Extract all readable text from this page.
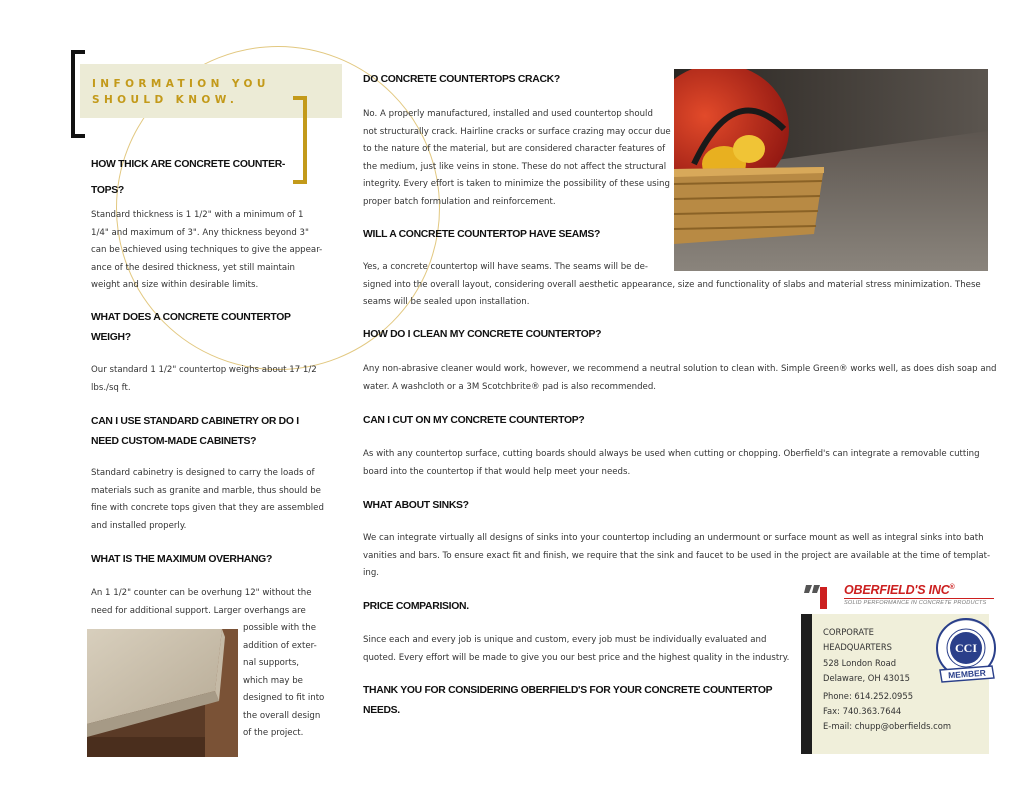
INFORMATION YOU
SHOULD KNOW.
HOW THICK ARE CONCRETE COUNTER-
TOPS?
Standard thickness is 1 1/2" with a minimum of 1
1/4" and maximum of 3". Any thickness beyond 3"
can be achieved using techniques to give the appear-
ance of the desired thickness, yet still maintain
weight and size within desirable limits.
WHAT DOES A CONCRETE COUNTERTOP
WEIGH?
Our standard 1 1/2" countertop weighs about 17 1/2
lbs./sq ft.
CAN I USE STANDARD CABINETRY OR DO I
NEED CUSTOM-MADE CABINETS?
Standard cabinetry is designed to carry the loads of
materials such as granite and marble, thus should be
fine with concrete tops given that they are assembled
and installed properly.
WHAT IS THE MAXIMUM OVERHANG?
An 1 1/2" counter can be overhung 12" without the
need for additional support. Larger overhangs are
possible with the
addition of exter-
nal supports,
which may be
designed to fit into
the overall design
of the project.
DO CONCRETE COUNTERTOPS CRACK?
No. A properly manufactured, installed and used countertop should
not structurally crack. Hairline cracks or surface crazing may occur due
to the nature of the material, but are considered character features of
the medium, just like veins in stone. These do not affect the structural
integrity. Every effort is taken to minimize the possibility of these using
proper batch formulation and reinforcement.
WILL A CONCRETE COUNTERTOP HAVE SEAMS?
Yes, a concrete countertop will have seams. The seams will be de-
signed into the overall layout, considering overall aesthetic appearance, size and functionality of slabs and material stress minimization. These
seams will be sealed upon installation.
HOW DO I CLEAN MY CONCRETE COUNTERTOP?
Any non-abrasive cleaner would work, however, we recommend a neutral solution to clean with. Simple Green® works well, as does dish soap and
water. A washcloth or a 3M Scotchbrite® pad is also recommended.
CAN I CUT ON MY CONCRETE COUNTERTOP?
As with any countertop surface, cutting boards should always be used when cutting or chopping. Oberfield's can integrate a removable cutting
board into the countertop if that would help meet your needs.
WHAT ABOUT SINKS?
We can integrate virtually all designs of sinks into your countertop including an undermount or surface mount as well as integral sinks into bath
vanities and bars. To ensure exact fit and finish, we require that the sink and faucet to be used in the project are available at the time of templat-
ing.
PRICE COMPARISION.
Since each and every job is unique and custom, every job must be individually evaluated and
quoted. Every effort will be made to give you our best price and the highest quality in the industry.
THANK YOU FOR CONSIDERING OBERFIELD'S FOR YOUR CONCRETE COUNTERTOP
NEEDS.
OBERFIELD'S INC®
SOLID PERFORMANCE IN CONCRETE PRODUCTS
CORPORATE
HEADQUARTERS
528 London Road
Delaware, OH 43015
Phone: 614.252.0955
Fax: 740.363.7644
E-mail: chupp@oberfields.com
CCI
MEMBER
